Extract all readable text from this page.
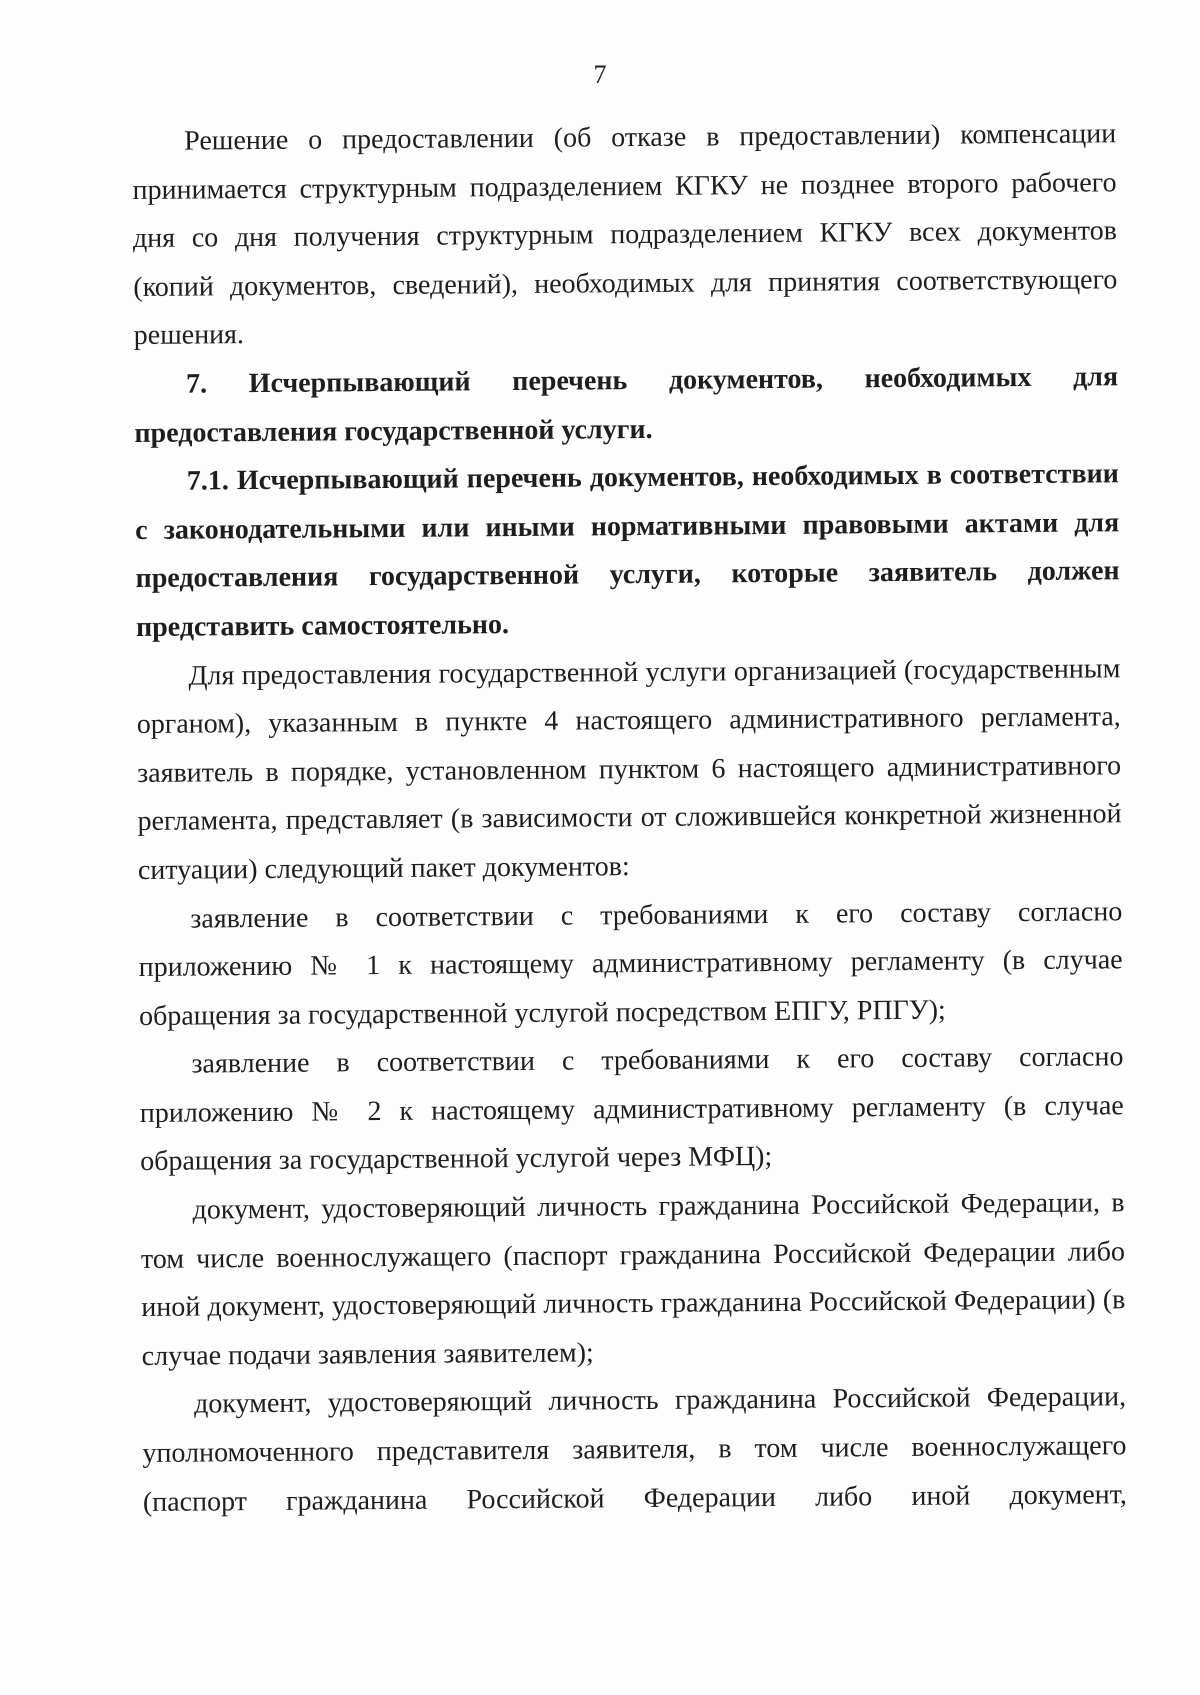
7

Решение о предоставлении (об отказе в предоставлении) компенсации принимается структурным подразделением КГКУ не позднее второго рабочего дня со дня получения структурным подразделением КГКУ всех документов (копий документов, сведений), необходимых для принятия соответствующего решения.

7. Исчерпывающий перечень документов, необходимых для предоставления государственной услуги.

7.1. Исчерпывающий перечень документов, необходимых в соответствии с законодательными или иными нормативными правовыми актами для предоставления государственной услуги, которые заявитель должен представить самостоятельно.

Для предоставления государственной услуги организацией (государственным органом), указанным в пункте 4 настоящего административного регламента, заявитель в порядке, установленном пунктом 6 настоящего административного регламента, представляет (в зависимости от сложившейся конкретной жизненной ситуации) следующий пакет документов:

заявление в соответствии с требованиями к его составу согласно приложению № 1 к настоящему административному регламенту (в случае обращения за государственной услугой посредством ЕПГУ, РПГУ);

заявление в соответствии с требованиями к его составу согласно приложению № 2 к настоящему административному регламенту (в случае обращения за государственной услугой через МФЦ);

документ, удостоверяющий личность гражданина Российской Федерации, в том числе военнослужащего (паспорт гражданина Российской Федерации либо иной документ, удостоверяющий личность гражданина Российской Федерации) (в случае подачи заявления заявителем);

документ, удостоверяющий личность гражданина Российской Федерации, уполномоченного представителя заявителя, в том числе военнослужащего (паспорт гражданина Российской Федерации либо иной документ,
